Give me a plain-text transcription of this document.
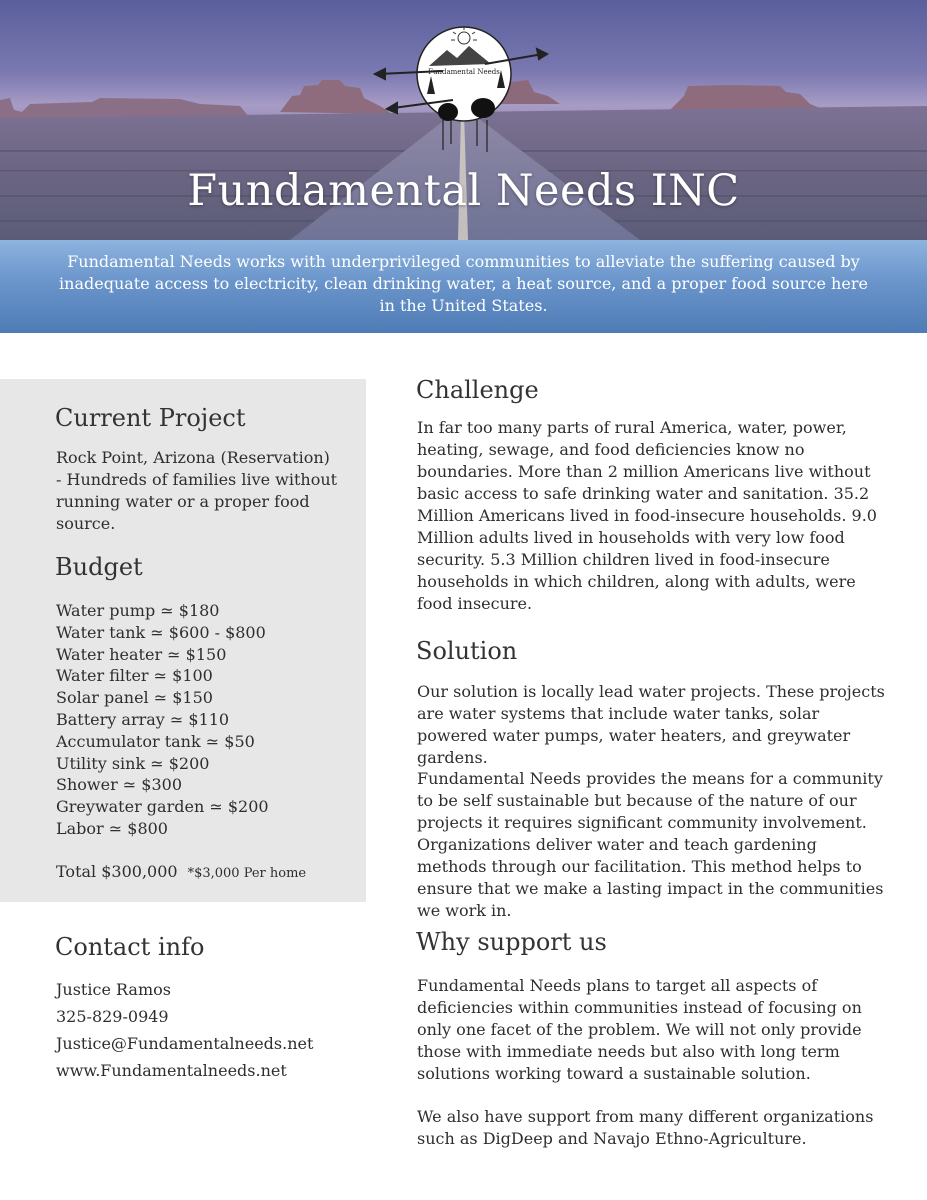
Fundamental Needs
Fundamental Needs INC
Fundamental Needs works with underprivileged communities to alleviate the suffering caused by inadequate access to electricity, clean drinking water, a heat source, and a proper food source here in the United States.
Current Project

Rock Point, Arizona (Reservation)
- Hundreds of families live without running water or a proper food source.

Budget
Water pump ≃ $180
Water tank ≃ $600 - $800
Water heater ≃ $150
Water filter ≃ $100
Solar panel ≃ $150
Battery array ≃ $110
Accumulator tank ≃ $50
Utility sink ≃ $200
Shower ≃ $300
Greywater garden ≃ $200
Labor ≃ $800
Total $300,000 *$3,000 Per home
Contact info
Justice Ramos
325-829-0949
Justice@Fundamentalneeds.net
www.Fundamentalneeds.net
Challenge

In far too many parts of rural America, water, power, heating, sewage, and food deficiencies know no boundaries. More than 2 million Americans live without basic access to safe drinking water and sanitation. 35.2 Million Americans lived in food-insecure households. 9.0 Million adults lived in households with very low food security. 5.3 Million children lived in food-insecure households in which children, along with adults, were food insecure.

Solution

Our solution is locally lead water projects. These projects are water systems that include water tanks, solar powered water pumps, water heaters, and greywater gardens.

Fundamental Needs provides the means for a community to be self sustainable but because of the nature of our projects it requires significant community involvement. Organizations deliver water and teach gardening methods through our facilitation. This method helps to ensure that we make a lasting impact in the communities we work in.

Why support us

Fundamental Needs plans to target all aspects of deficiencies within communities instead of focusing on only one facet of the problem. We will not only provide those with immediate needs but also with long term solutions working toward a sustainable solution.

We also have support from many different organizations such as DigDeep and Navajo Ethno-Agriculture.
